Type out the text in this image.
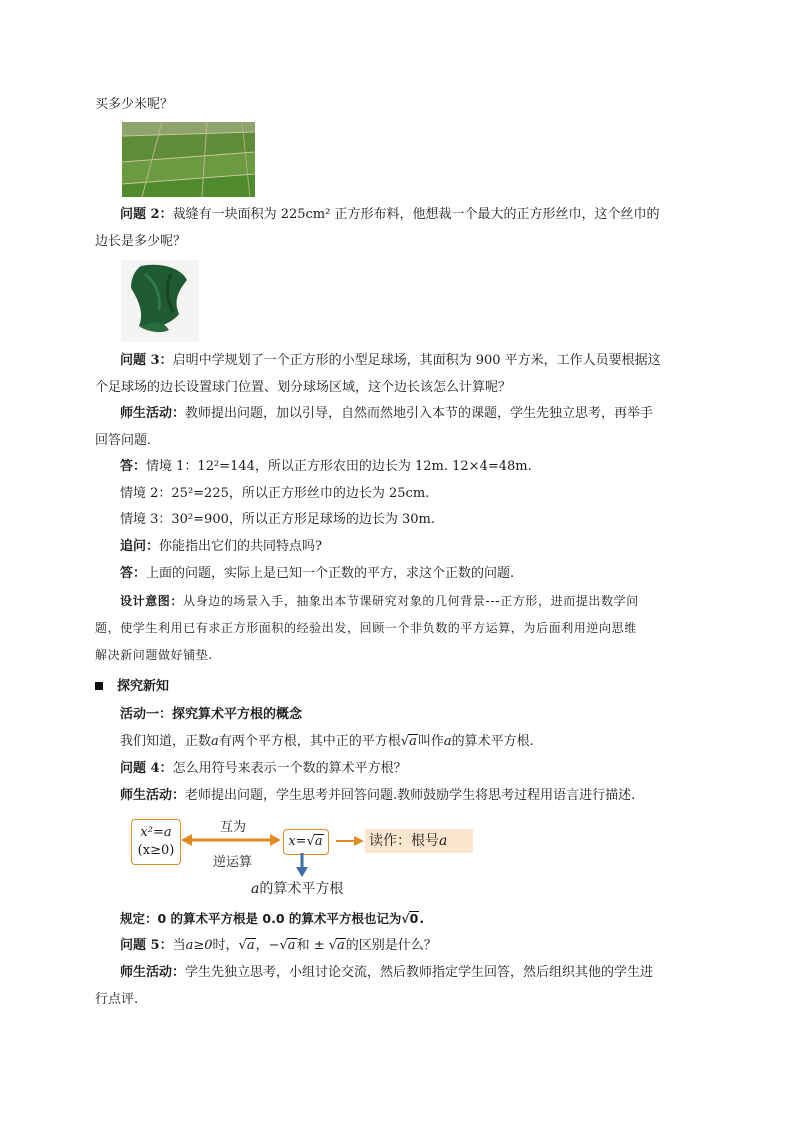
买多少米呢？
问题 2：裁缝有一块面积为 225cm² 正方形布料，他想裁一个最大的正方形丝巾，这个丝巾的
边长是多少呢？
问题 3：启明中学规划了一个正方形的小型足球场，其面积为 900 平方米，工作人员要根据这
个足球场的边长设置球门位置、划分球场区域，这个边长该怎么计算呢？
师生活动：教师提出问题，加以引导，自然而然地引入本节的课题，学生先独立思考，再举手
回答问题．
答：情境 1：12²=144，所以正方形农田的边长为 12m. 12×4=48m.
情境 2：25²=225，所以正方形丝巾的边长为 25cm.
情境 3：30²=900，所以正方形足球场的边长为 30m.
追问：你能指出它们的共同特点吗?
答：上面的问题，实际上是已知一个正数的平方，求这个正数的问题.
设计意图：从身边的场景入手，抽象出本节课研究对象的几何背景---正方形，进而提出数学问
题，使学生利用已有求正方形面积的经验出发，回顾一个非负数的平方运算，为后面利用逆向思维
解决新问题做好铺垫.
探究新知
活动一：探究算术平方根的概念
我们知道，正数a有两个平方根，其中正的平方根√a叫作a的算术平方根.
问题 4：怎么用符号来表示一个数的算术平方根？
师生活动：老师提出问题，学生思考并回答问题.教师鼓励学生将思考过程用语言进行描述.
x²=a
(x≥0)
互为
逆运算
x=√a	读作：根号a
a的算术平方根
规定：0 的算术平方根是 0.0 的算术平方根也记为√0.
问题 5：当a≥0时，√a，−√a和 ± √a的区别是什么？
师生活动：学生先独立思考，小组讨论交流，然后教师指定学生回答，然后组织其他的学生进
行点评.
